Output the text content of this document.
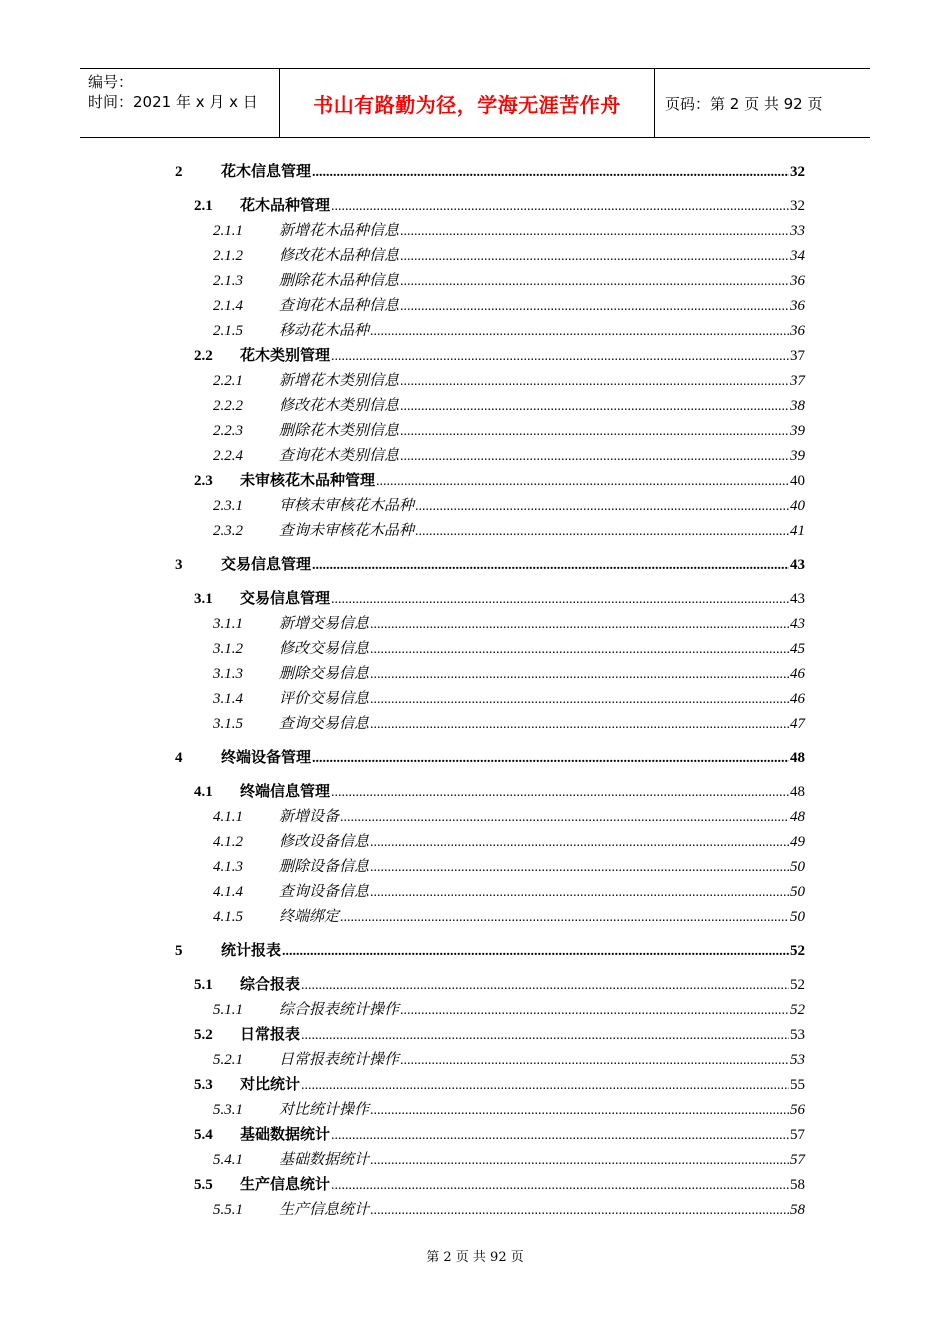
编号：
时间：2021 年 x 月 x 日	书山有路勤为径，学海无涯苦作舟	页码：第 2 页 共 92 页
2	花木信息管理 .....	32
2.1	花木品种管理 .....	32
2.1.1	新增花木品种信息 .....	33
2.1.2	修改花木品种信息 .....	34
2.1.3	删除花木品种信息 .....	36
2.1.4	查询花木品种信息 .....	36
2.1.5	移动花木品种 .....	36
2.2	花木类别管理 .....	37
2.2.1	新增花木类别信息 .....	37
2.2.2	修改花木类别信息 .....	38
2.2.3	删除花木类别信息 .....	39
2.2.4	查询花木类别信息 .....	39
2.3	未审核花木品种管理 .....	40
2.3.1	审核未审核花木品种 .....	40
2.3.2	查询未审核花木品种 .....	41
3	交易信息管理 .....	43
3.1	交易信息管理 .....	43
3.1.1	新增交易信息 .....	43
3.1.2	修改交易信息 .....	45
3.1.3	删除交易信息 .....	46
3.1.4	评价交易信息 .....	46
3.1.5	查询交易信息 .....	47
4	终端设备管理 .....	48
4.1	终端信息管理 .....	48
4.1.1	新增设备 .....	48
4.1.2	修改设备信息 .....	49
4.1.3	删除设备信息 .....	50
4.1.4	查询设备信息 .....	50
4.1.5	终端绑定 .....	50
5	统计报表 .....	52
5.1	综合报表 .....	52
5.1.1	综合报表统计操作 .....	52
5.2	日常报表 .....	53
5.2.1	日常报表统计操作 .....	53
5.3	对比统计 .....	55
5.3.1	对比统计操作 .....	56
5.4	基础数据统计 .....	57
5.4.1	基础数据统计 .....	57
5.5	生产信息统计 .....	58
5.5.1	生产信息统计 .....	58
第 2 页 共 92 页
